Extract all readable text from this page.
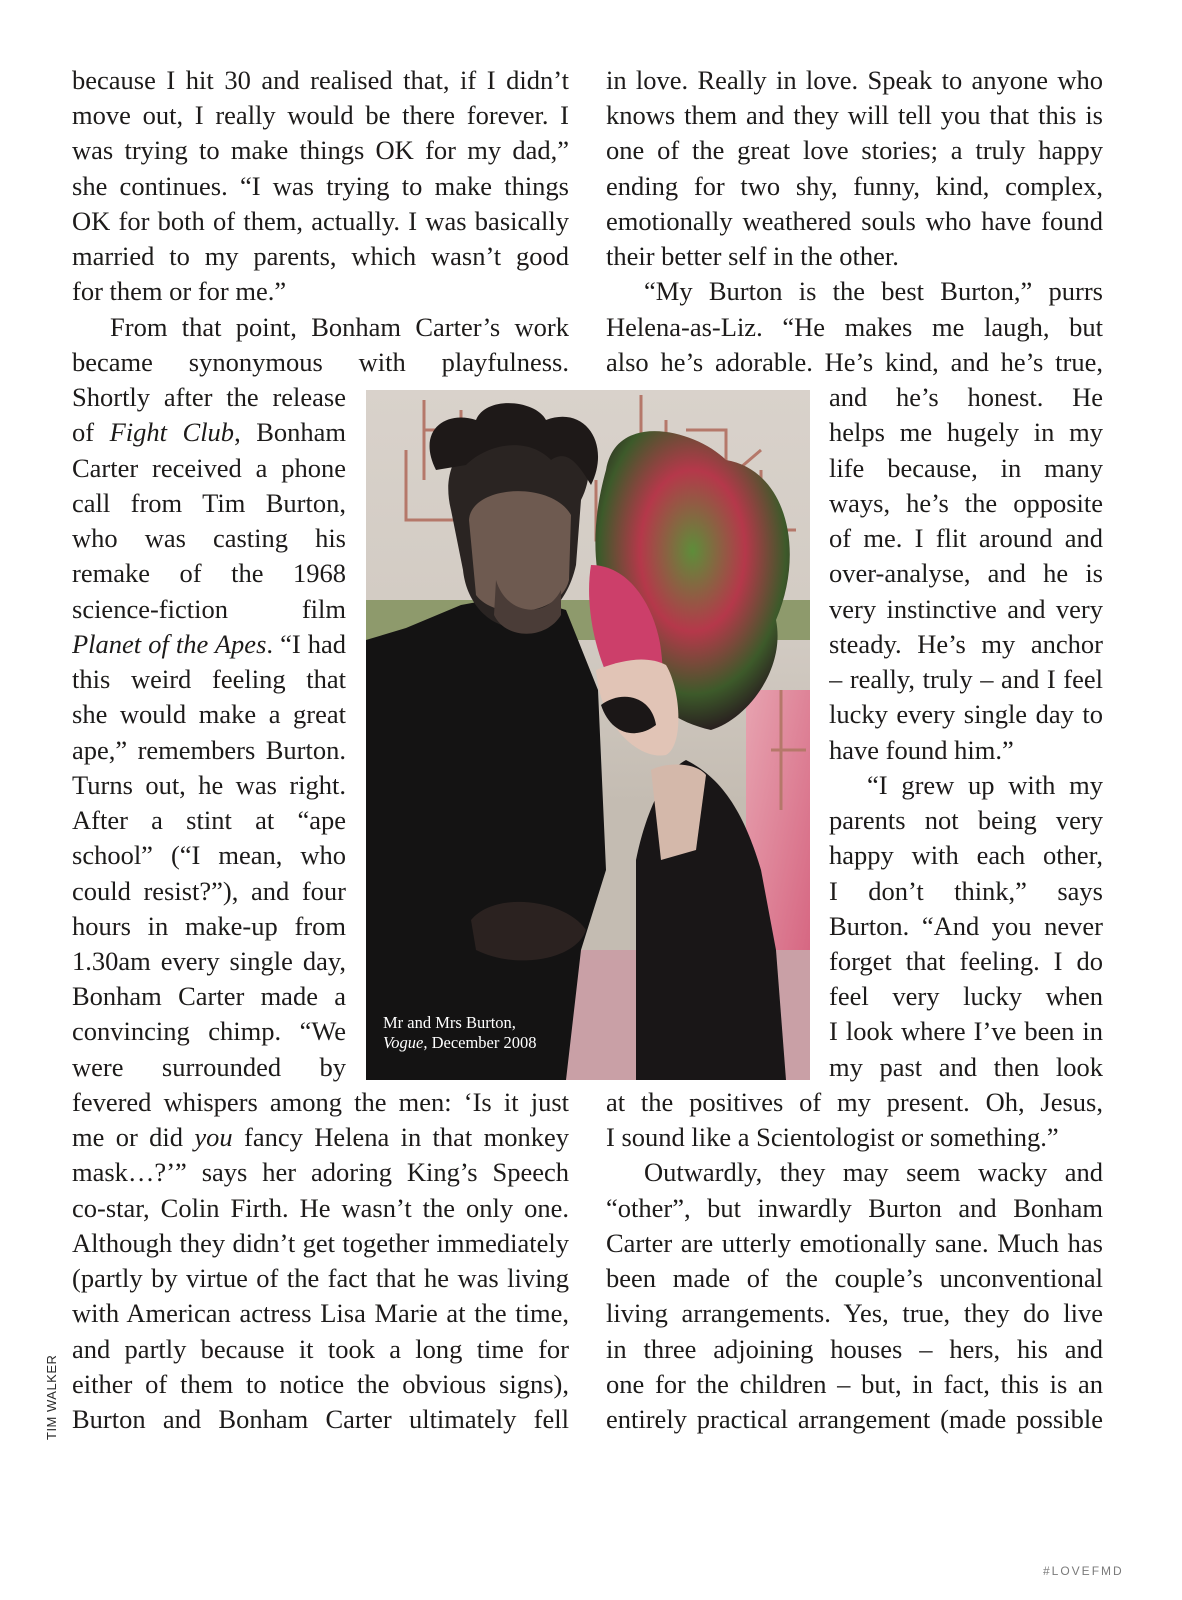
because I hit 30 and realised that, if I didn’t
move out, I really would be there forever. I
was trying to make things OK for my dad,”
she continues. “I was trying to make things
OK for both of them, actually. I was basically
married to my parents, which wasn’t good
for them or for me.”
From that point, Bonham Carter’s work
became synonymous with playfulness.
Shortly after the release
of Fight Club, Bonham
Carter received a phone
call from Tim Burton,
who was casting his
remake of the 1968
science-fiction film
Planet of the Apes. “I had
this weird feeling that
she would make a great
ape,” remembers Burton.
Turns out, he was right.
After a stint at “ape
school” (“I mean, who
could resist?”), and four
hours in make-up from
1.30am every single day,
Bonham Carter made a
convincing chimp. “We
were surrounded by
fevered whispers among the men: ‘Is it just
me or did you fancy Helena in that monkey
mask…?’” says her adoring King’s Speech
co-star, Colin Firth. He wasn’t the only one.
Although they didn’t get together immediately
(partly by virtue of the fact that he was living
with American actress Lisa Marie at the time,
and partly because it took a long time for
either of them to notice the obvious signs),
Burton and Bonham Carter ultimately fell
in love. Really in love. Speak to anyone who
knows them and they will tell you that this is
one of the great love stories; a truly happy
ending for two shy, funny, kind, complex,
emotionally weathered souls who have found
their better self in the other.
“My Burton is the best Burton,” purrs
Helena-as-Liz. “He makes me laugh, but
also he’s adorable. He’s kind, and he’s true,
and he’s honest. He
helps me hugely in my
life because, in many
ways, he’s the opposite
of me. I flit around and
over-analyse, and he is
very instinctive and very
steady. He’s my anchor
– really, truly – and I feel
lucky every single day to
have found him.”
“I grew up with my
parents not being very
happy with each other,
I don’t think,” says
Burton. “And you never
forget that feeling. I do
feel very lucky when
I look where I’ve been in
my past and then look
at the positives of my present. Oh, Jesus,
I sound like a Scientologist or something.”
Outwardly, they may seem wacky and
“other”, but inwardly Burton and Bonham
Carter are utterly emotionally sane. Much has
been made of the couple’s unconventional
living arrangements. Yes, true, they do live
in three adjoining houses – hers, his and
one for the children – but, in fact, this is an
entirely practical arrangement (made possible
Mr and Mrs Burton,
Vogue, December 2008
TIM WALKER
#LOVEFMD
